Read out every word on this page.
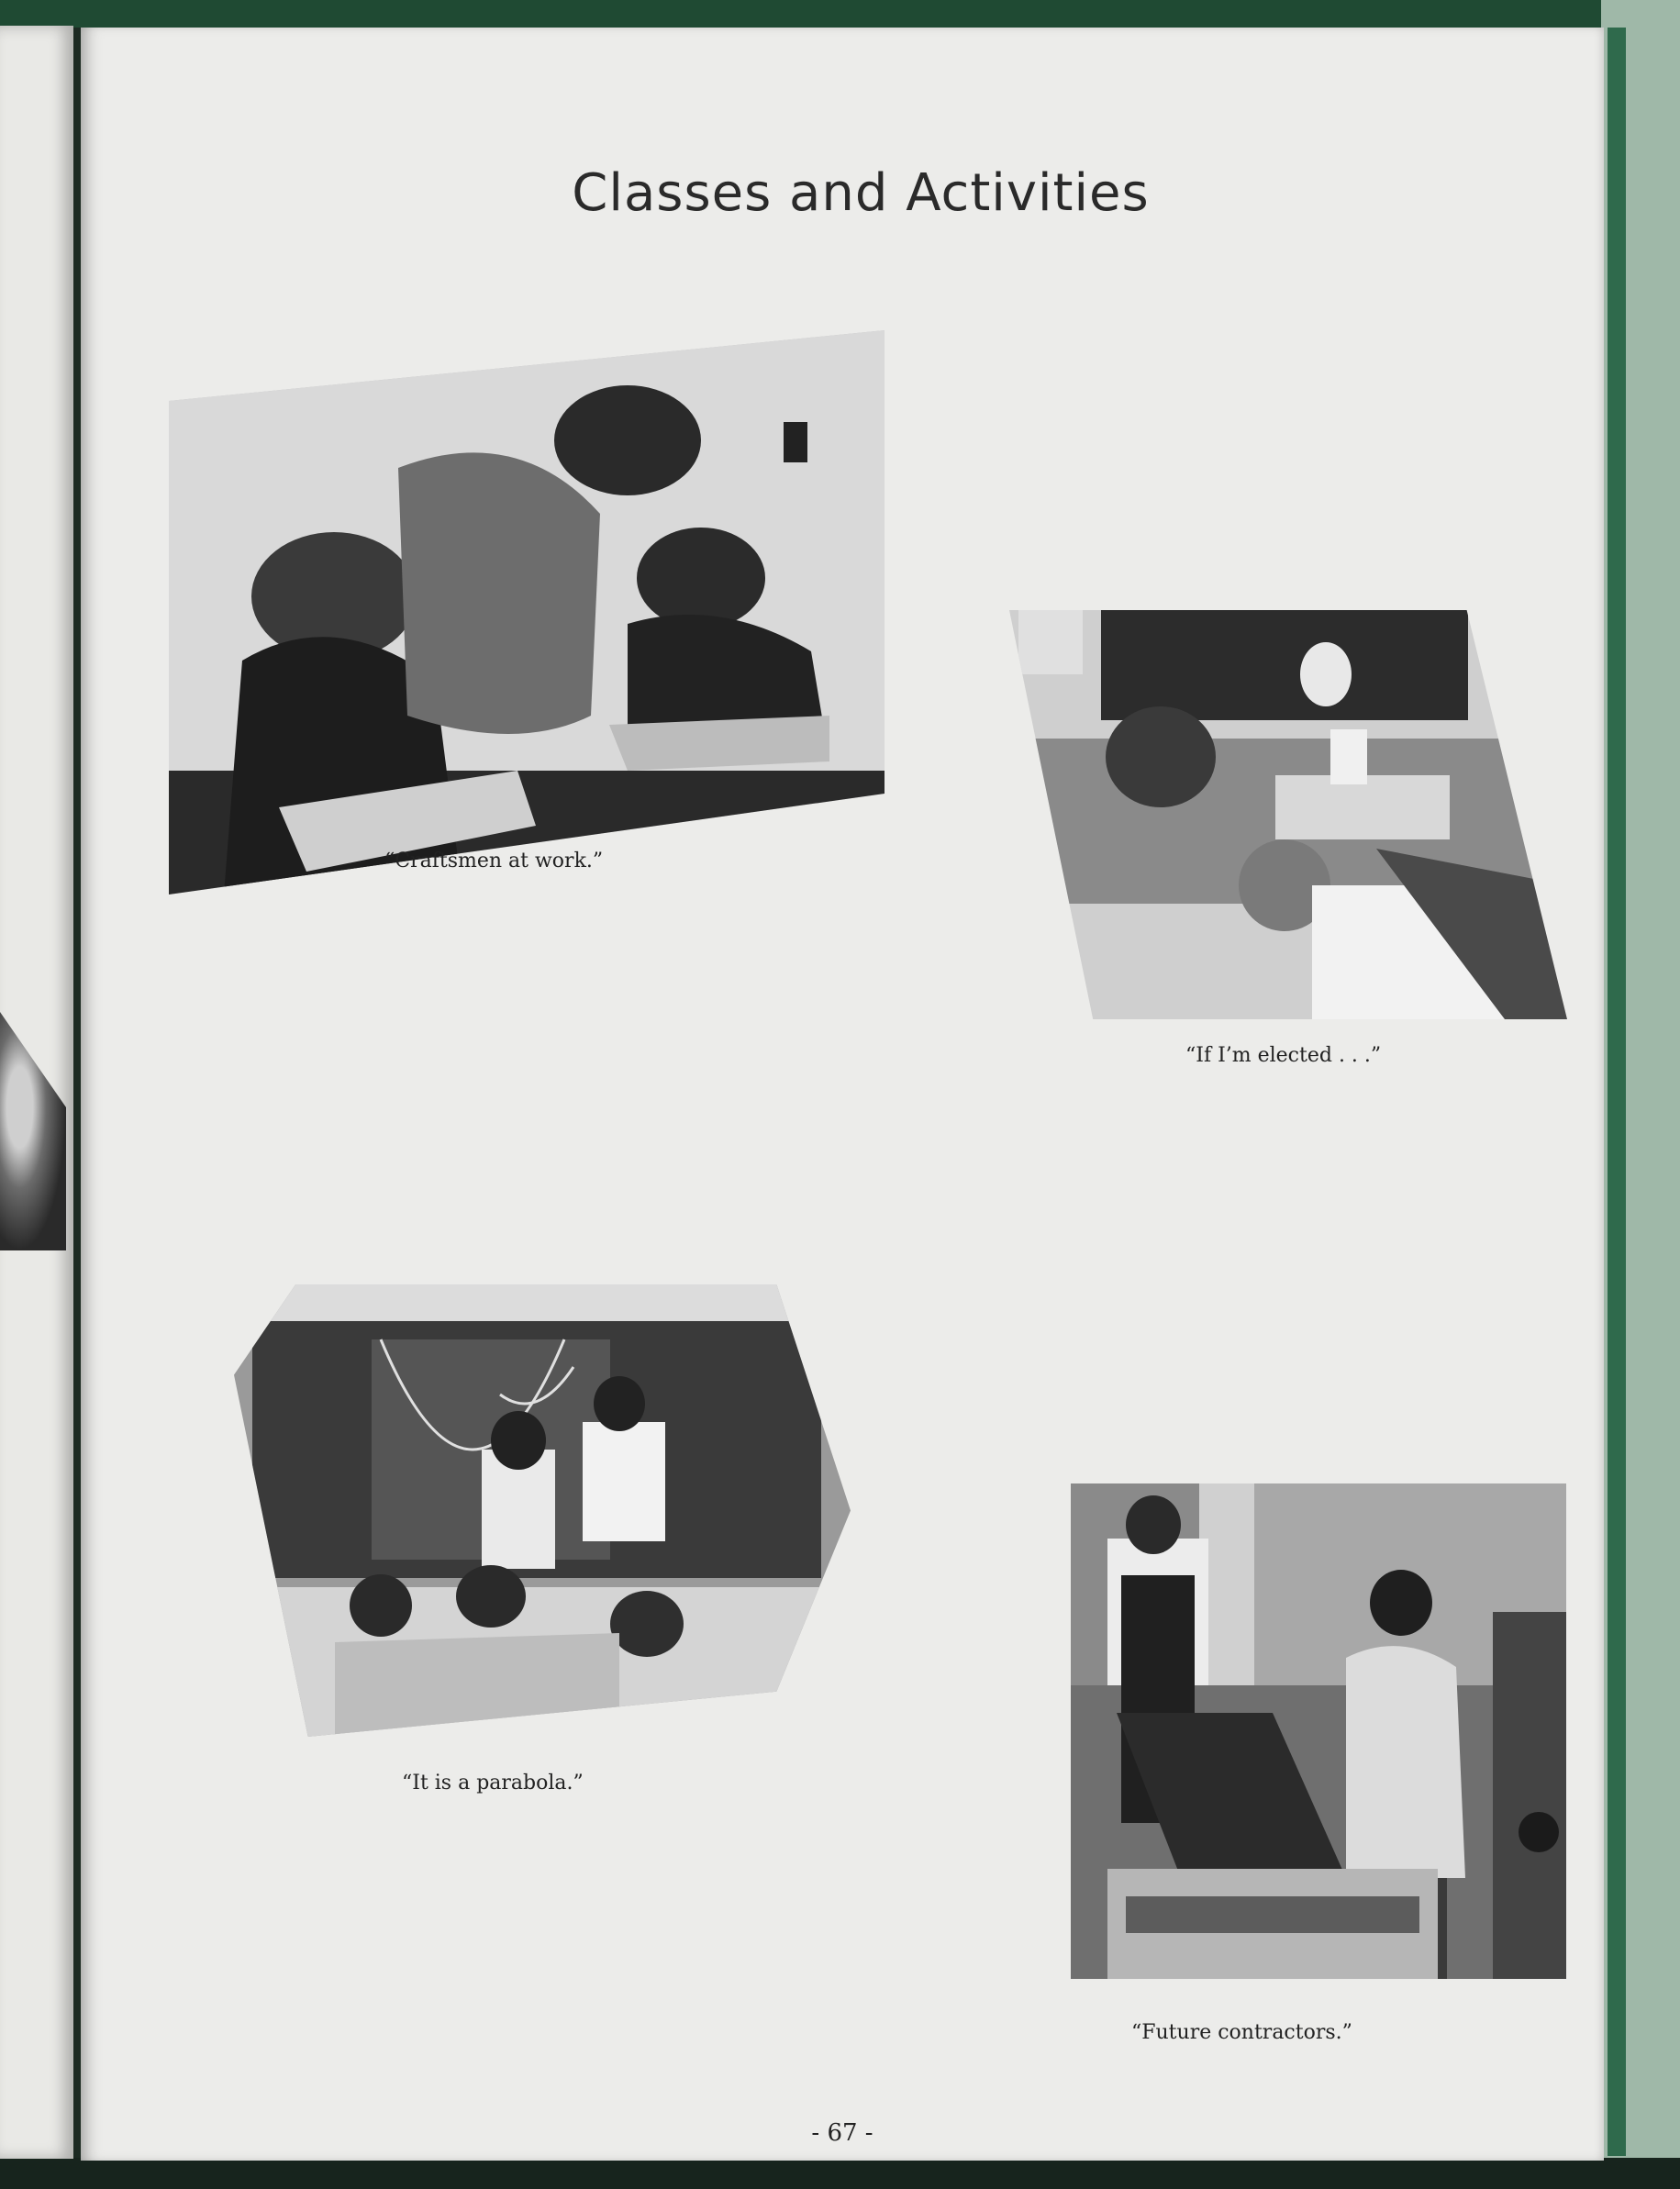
Classes and Activities

“Craftsmen at work.”

“If I’m elected . . .”

“It is a parabola.”

“Future contractors.”

- 67 -
